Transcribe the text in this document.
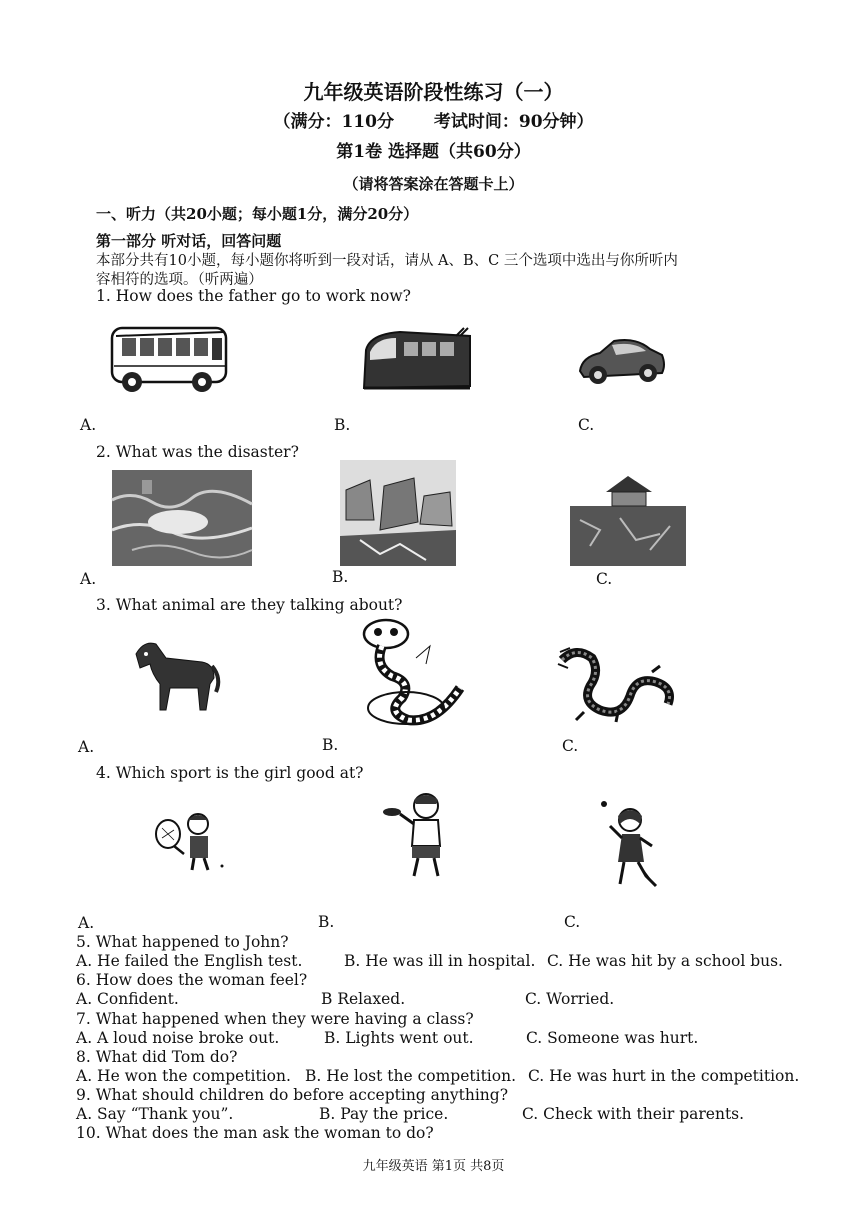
九年级英语阶段性练习（一）
（满分：110分　　 考试时间：90分钟）
第1卷 选择题（共60分）
（请将答案涂在答题卡上）
一、听力（共20小题；每小题1分，满分20分）
第一部分 听对话，回答问题
本部分共有10小题，每小题你将听到一段对话，请从 A、B、C 三个选项中选出与你所听内
容相符的选项。（听两遍）
1. How does the father go to work now?
A.	B.	C.
2. What was the disaster?
A.	B.	C.
3. What animal are they talking about?
A.	B.	C.
4. Which sport is the girl good at?
A.	B.	C.
5. What happened to John?
A. He failed the English test.	B. He was ill in hospital. C. He was hit by a school bus.
6. How does the woman feel?
A. Confident.	B Relaxed.	C. Worried.
7. What happened when they were having a class?
A. A loud noise broke out.	B. Lights went out.	C. Someone was hurt.
8. What did Tom do?
A. He won the competition. B. He lost the competition. C. He was hurt in the competition.
9. What should children do before accepting anything?
A. Say “Thank you”.	B. Pay the price.	C. Check with their parents.
10. What does the man ask the woman to do?
九年级英语 第1页 共8页
